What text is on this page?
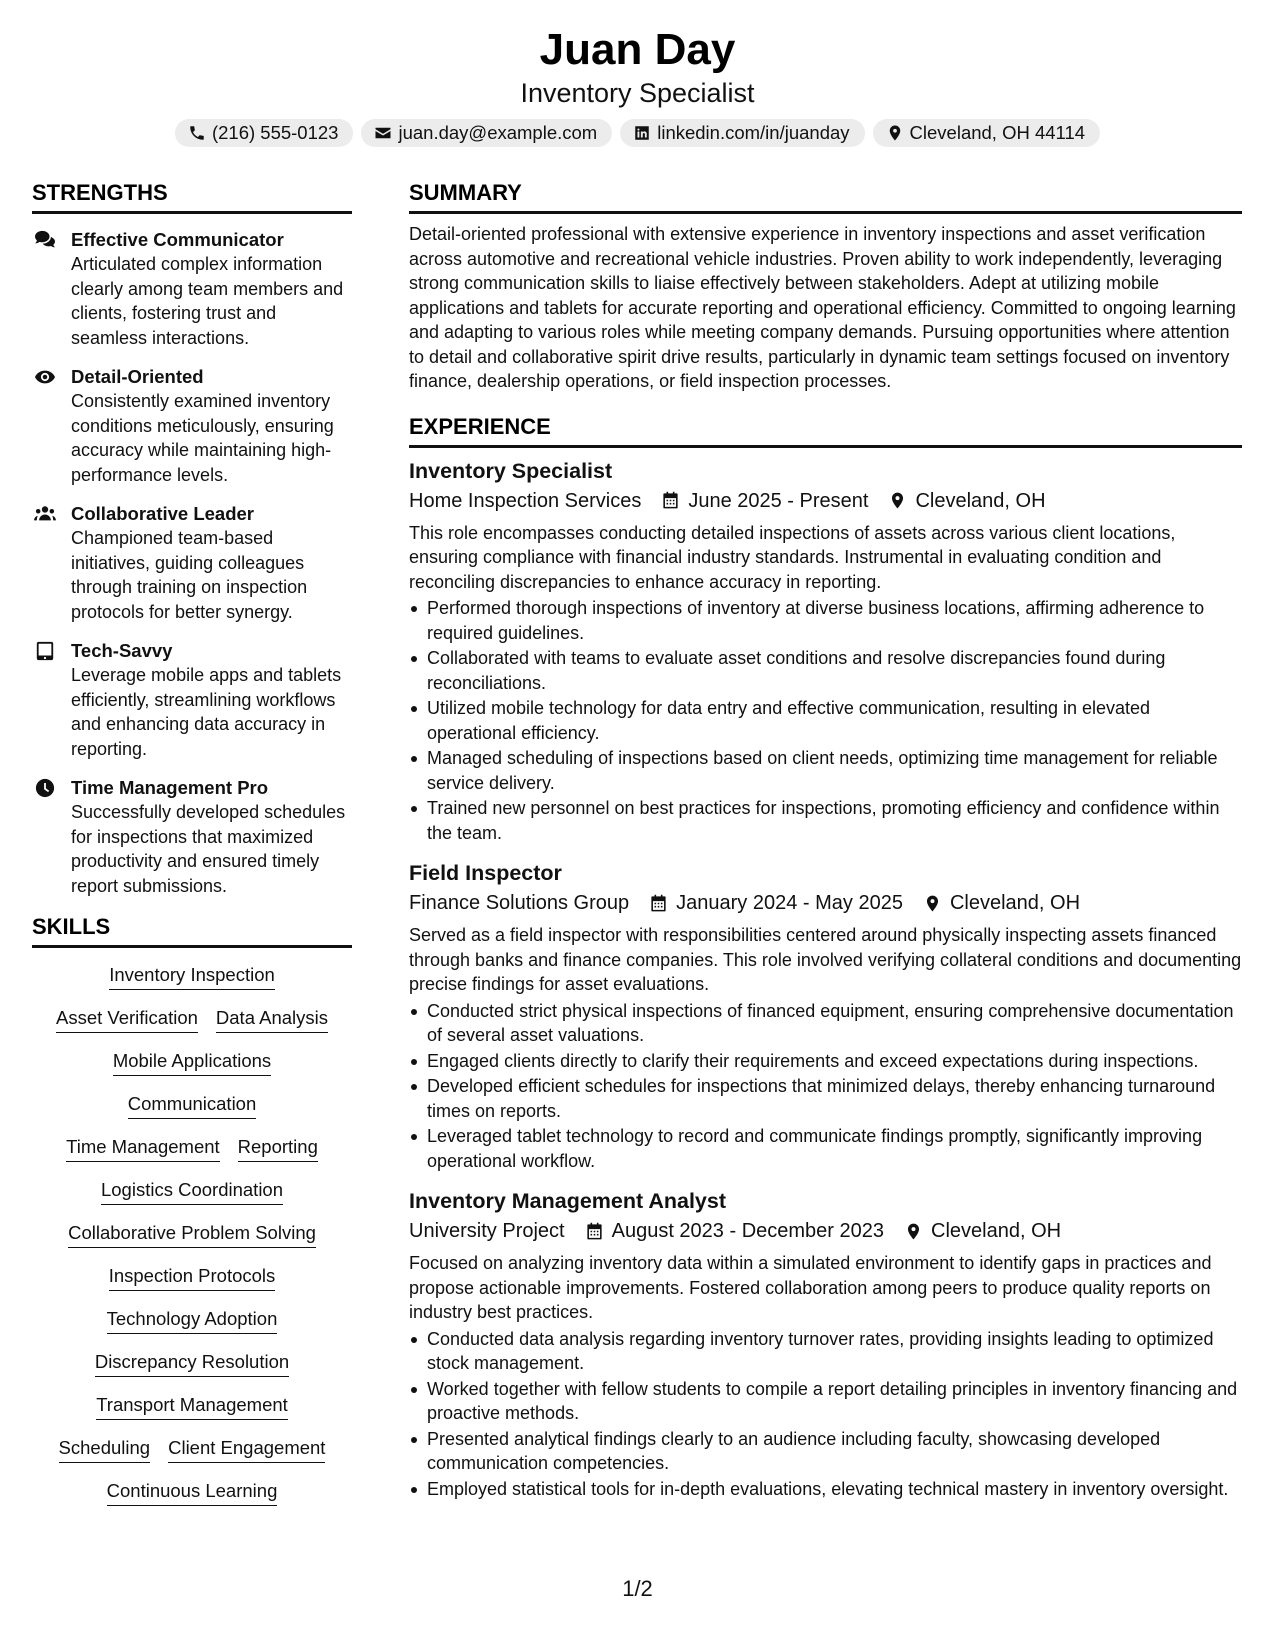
Juan Day
Inventory Specialist
(216) 555-0123	juan.day@example.com	linkedin.com/in/juanday	Cleveland, OH 44114
STRENGTHS
Effective Communicator
Articulated complex information clearly among team members and clients, fostering trust and seamless interactions.
Detail-Oriented
Consistently examined inventory conditions meticulously, ensuring accuracy while maintaining high-performance levels.
Collaborative Leader
Championed team-based initiatives, guiding colleagues through training on inspection protocols for better synergy.
Tech-Savvy
Leverage mobile apps and tablets efficiently, streamlining workflows and enhancing data accuracy in reporting.
Time Management Pro
Successfully developed schedules for inspections that maximized productivity and ensured timely report submissions.
SKILLS
Inventory Inspection
Asset Verification Data Analysis
Mobile Applications
Communication
Time Management Reporting
Logistics Coordination
Collaborative Problem Solving
Inspection Protocols
Technology Adoption
Discrepancy Resolution
Transport Management
Scheduling Client Engagement
Continuous Learning
SUMMARY
Detail-oriented professional with extensive experience in inventory inspections and asset verification across automotive and recreational vehicle industries. Proven ability to work independently, leveraging strong communication skills to liaise effectively between stakeholders. Adept at utilizing mobile applications and tablets for accurate reporting and operational efficiency. Committed to ongoing learning and adapting to various roles while meeting company demands. Pursuing opportunities where attention to detail and collaborative spirit drive results, particularly in dynamic team settings focused on inventory finance, dealership operations, or field inspection processes.
EXPERIENCE
Inventory Specialist
Home Inspection Services June 2025 - Present Cleveland, OH
This role encompasses conducting detailed inspections of assets across various client locations, ensuring compliance with financial industry standards. Instrumental in evaluating condition and reconciling discrepancies to enhance accuracy in reporting.
Performed thorough inspections of inventory at diverse business locations, affirming adherence to required guidelines.
Collaborated with teams to evaluate asset conditions and resolve discrepancies found during reconciliations.
Utilized mobile technology for data entry and effective communication, resulting in elevated operational efficiency.
Managed scheduling of inspections based on client needs, optimizing time management for reliable service delivery.
Trained new personnel on best practices for inspections, promoting efficiency and confidence within the team.
Field Inspector
Finance Solutions Group January 2024 - May 2025 Cleveland, OH
Served as a field inspector with responsibilities centered around physically inspecting assets financed through banks and finance companies. This role involved verifying collateral conditions and documenting precise findings for asset evaluations.
Conducted strict physical inspections of financed equipment, ensuring comprehensive documentation of several asset valuations.
Engaged clients directly to clarify their requirements and exceed expectations during inspections.
Developed efficient schedules for inspections that minimized delays, thereby enhancing turnaround times on reports.
Leveraged tablet technology to record and communicate findings promptly, significantly improving operational workflow.
Inventory Management Analyst
University Project August 2023 - December 2023 Cleveland, OH
Focused on analyzing inventory data within a simulated environment to identify gaps in practices and propose actionable improvements. Fostered collaboration among peers to produce quality reports on industry best practices.
Conducted data analysis regarding inventory turnover rates, providing insights leading to optimized stock management.
Worked together with fellow students to compile a report detailing principles in inventory financing and proactive methods.
Presented analytical findings clearly to an audience including faculty, showcasing developed communication competencies.
Employed statistical tools for in-depth evaluations, elevating technical mastery in inventory oversight.
1/2
